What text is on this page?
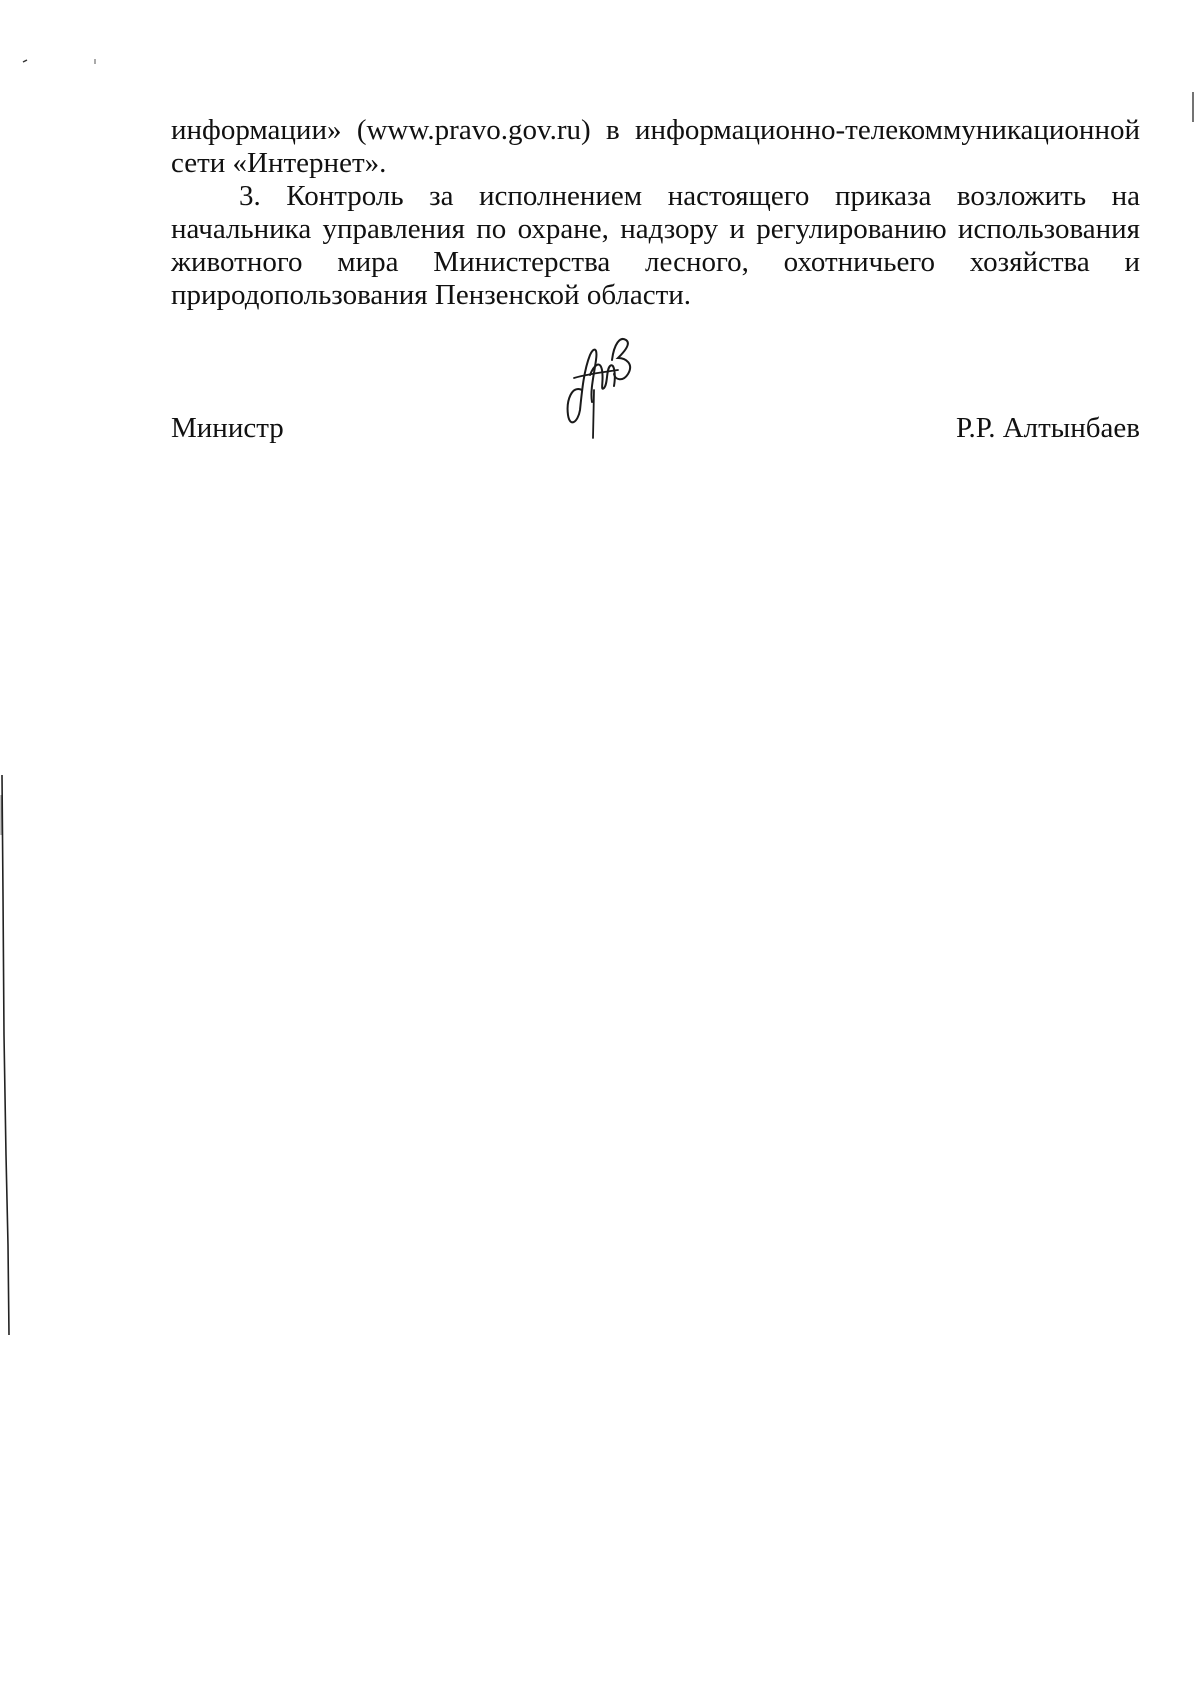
информации» (www.pravo.gov.ru) в информационно-телекоммуникационной сети «Интернет».

3. Контроль за исполнением настоящего приказа возложить на начальника управления по охране, надзору и регулированию использования животного мира Министерства лесного, охотничьего хозяйства и природопользования Пензенской области.

Министр	Р.Р. Алтынбаев
